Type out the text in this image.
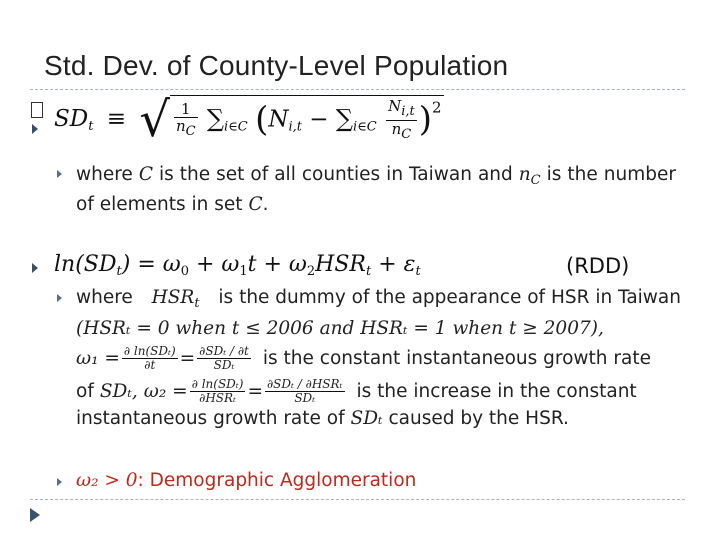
Std. Dev. of County-Level Population
$SD_t$ ≡ √ $\frac{1}{nC} \sum_{i\in C}$ $(N_{i,t} - \sum_{i\in C} \frac{Ni,t}{nC} )^2$
where C is the set of all counties in Taiwan and $n_C$ is the number of elements in set C.
$\ln(SD_t) = \omega_0 + \omega_1t + \omega_2HSR_t + \varepsilon_t$	(RDD)
where $HSR_t$ is the dummy of the appearance of HSR in Taiwan
(HSRₜ = 0 when t ≤ 2006 and HSRₜ = 1 when t ≥ 2007),
$\omega_1 = \frac{\text{∂ ln(SDₜ)}}{\partial t} = \frac{\text{∂SDₜ / ∂t}}{\text{SDₜ}}$ is the constant instantaneous growth rate
of SDₜ, $\omega_2 = \frac{\text{∂ ln(SDₜ)}}{\text{∂HSRₜ}} = \frac{\text{∂SDₜ / ∂HSRₜ}}{\text{SDₜ}}$ is the increase in the constant
instantaneous growth rate of SDₜ caused by the HSR.
ω₂ > 0: Demographic Agglomeration
